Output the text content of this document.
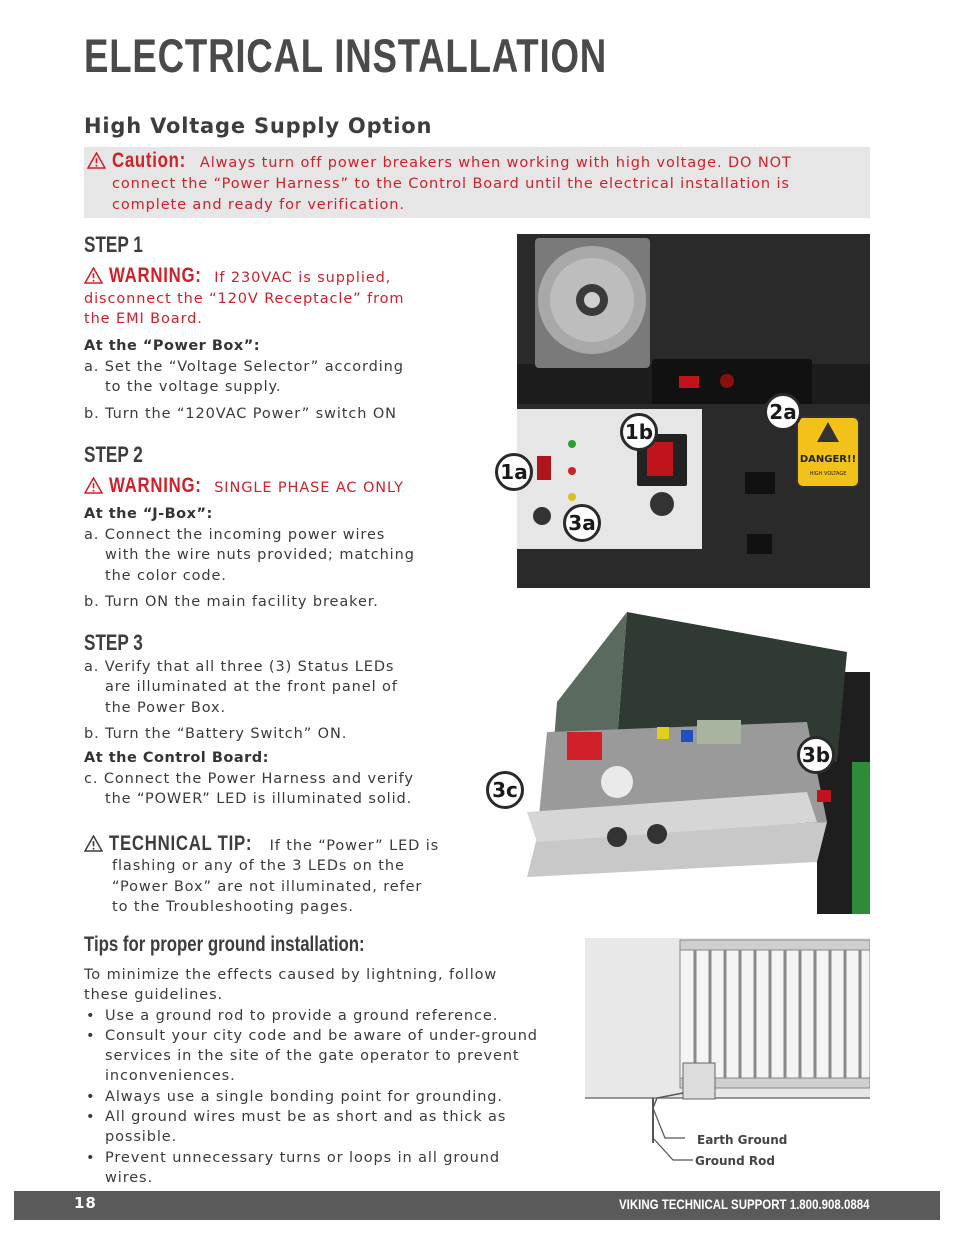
ELECTRICAL INSTALLATION
High Voltage Supply Option
Caution: Always turn off power breakers when working with high voltage. DO NOT
connect the “Power Harness” to the Control Board until the electrical installation is
complete and ready for verification.
STEP 1
WARNING: If 230VAC is supplied,
disconnect the “120V Receptacle” from
the EMI Board.
At the “Power Box”:
a. Set the “Voltage Selector” according
to the voltage supply.
b. Turn the “120VAC Power” switch ON
STEP 2
WARNING: SINGLE PHASE AC ONLY
At the “J-Box”:
a. Connect the incoming power wires
with the wire nuts provided; matching
the color code.
b. Turn ON the main facility breaker.
STEP 3
a. Verify that all three (3) Status LEDs
are illuminated at the front panel of
the Power Box.
b. Turn the “Battery Switch” ON.
At the Control Board:
c. Connect the Power Harness and verify
the “POWER” LED is illuminated solid.
TECHNICAL TIP: If the “Power” LED is
flashing or any of the 3 LEDs on the
“Power Box” are not illuminated, refer
to the Troubleshooting pages.
Tips for proper ground installation:
To minimize the effects caused by lightning, follow
these guidelines.
• Use a ground rod to provide a ground reference.
• Consult your city code and be aware of under-ground
services in the site of the gate operator to prevent
inconveniences.
• Always use a single bonding point for grounding.
• All ground wires must be as short and as thick as
possible.
• Prevent unnecessary turns or loops in all ground
wires.
DANGER!!
HIGH VOLTAGE
1a
1b
2a
3a
3b
3c
Earth Ground
Ground Rod
18	VIKING TECHNICAL SUPPORT 1.800.908.0884
